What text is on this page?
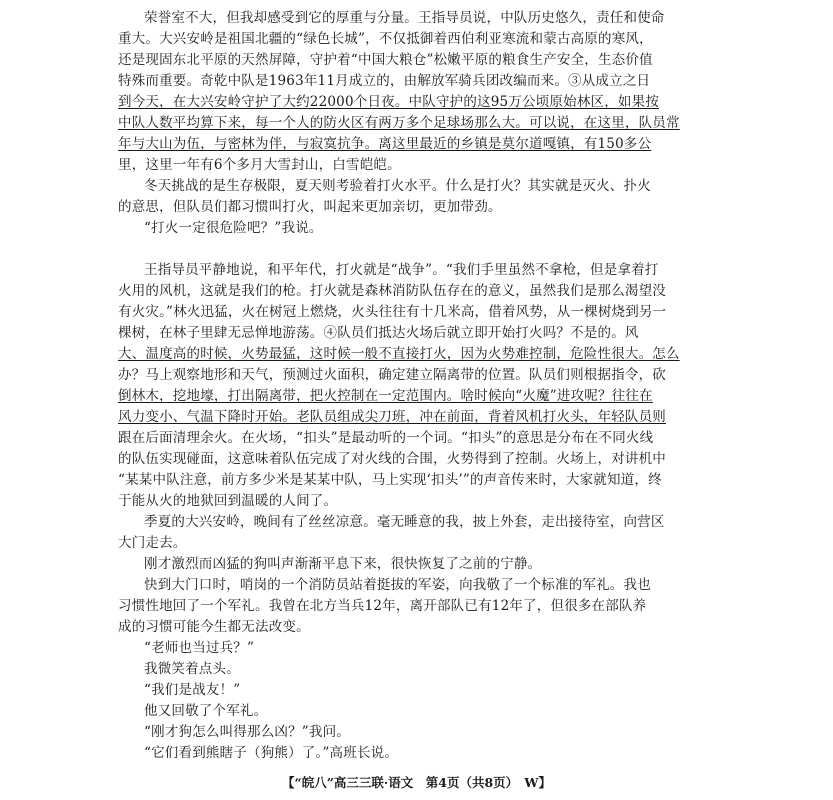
荣誉室不大，但我却感受到它的厚重与分量。王指导员说，中队历史悠久，责任和使命
重大。大兴安岭是祖国北疆的“绿色长城”，不仅抵御着西伯利亚寒流和蒙古高原的寒风，
还是现固东北平原的天然屏障，守护着“中国大粮仓”松嫩平原的粮食生产安全，生态价值
特殊而重要。奇乾中队是1963年11月成立的，由解放军骑兵团改编而来。③从成立之日
到今天，在大兴安岭守护了大约22000个日夜。中队守护的这95万公顷原始林区，如果按
中队人数平均算下来，每一个人的防火区有两万多个足球场那么大。可以说，在这里，队员常
年与大山为伍，与密林为伴，与寂寞抗争。离这里最近的乡镇是莫尔道嘎镇，有150多公
里，这里一年有6个多月大雪封山，白雪皑皑。
冬天挑战的是生存极限，夏天则考验着打火水平。什么是打火？其实就是灭火、扑火
的意思，但队员们都习惯叫打火，叫起来更加亲切，更加带劲。
“打火一定很危险吧？”我说。
王指导员平静地说，和平年代，打火就是“战争”。“我们手里虽然不拿枪，但是拿着打
火用的风机，这就是我们的枪。打火就是森林消防队伍存在的意义，虽然我们是那么渴望没
有火灾。”林火迅猛，火在树冠上燃烧，火头往往有十几米高，借着风势，从一棵树烧到另一
棵树，在林子里肆无忌惮地游荡。④队员们抵达火场后就立即开始打火吗？不是的。风
大、温度高的时候，火势最猛，这时候一般不直接打火，因为火势难控制，危险性很大。怎么
办？马上观察地形和天气，预测过火面积，确定建立隔离带的位置。队员们则根据指令，砍
倒林木，挖地壕，打出隔离带，把火控制在一定范围内。啥时候向“火魔”进攻呢？往往在
风力变小、气温下降时开始。老队员组成尖刀班，冲在前面，背着风机打火头，年轻队员则
跟在后面清理余火。在火场，“扣头”是最动听的一个词。“扣头”的意思是分布在不同火线
的队伍实现碰面，这意味着队伍完成了对火线的合围，火势得到了控制。火场上，对讲机中
“某某中队注意，前方多少米是某某中队，马上实现‘扣头’”的声音传来时，大家就知道，终
于能从火的地狱回到温暖的人间了。
季夏的大兴安岭，晚间有了丝丝凉意。毫无睡意的我，披上外套，走出接待室，向营区
大门走去。
刚才激烈而凶猛的狗叫声渐渐平息下来，很快恢复了之前的宁静。
快到大门口时，哨岗的一个消防员站着挺拔的军姿，向我敬了一个标准的军礼。我也
习惯性地回了一个军礼。我曾在北方当兵12年，离开部队已有12年了，但很多在部队养
成的习惯可能今生都无法改变。
“老师也当过兵？”
我微笑着点头。
“我们是战友！”
他又回敬了个军礼。
“刚才狗怎么叫得那么凶？”我问。
“它们看到熊瞎子（狗熊）了。”高班长说。
【“皖八”高三三联·语文　第4页（共8页）　W】
